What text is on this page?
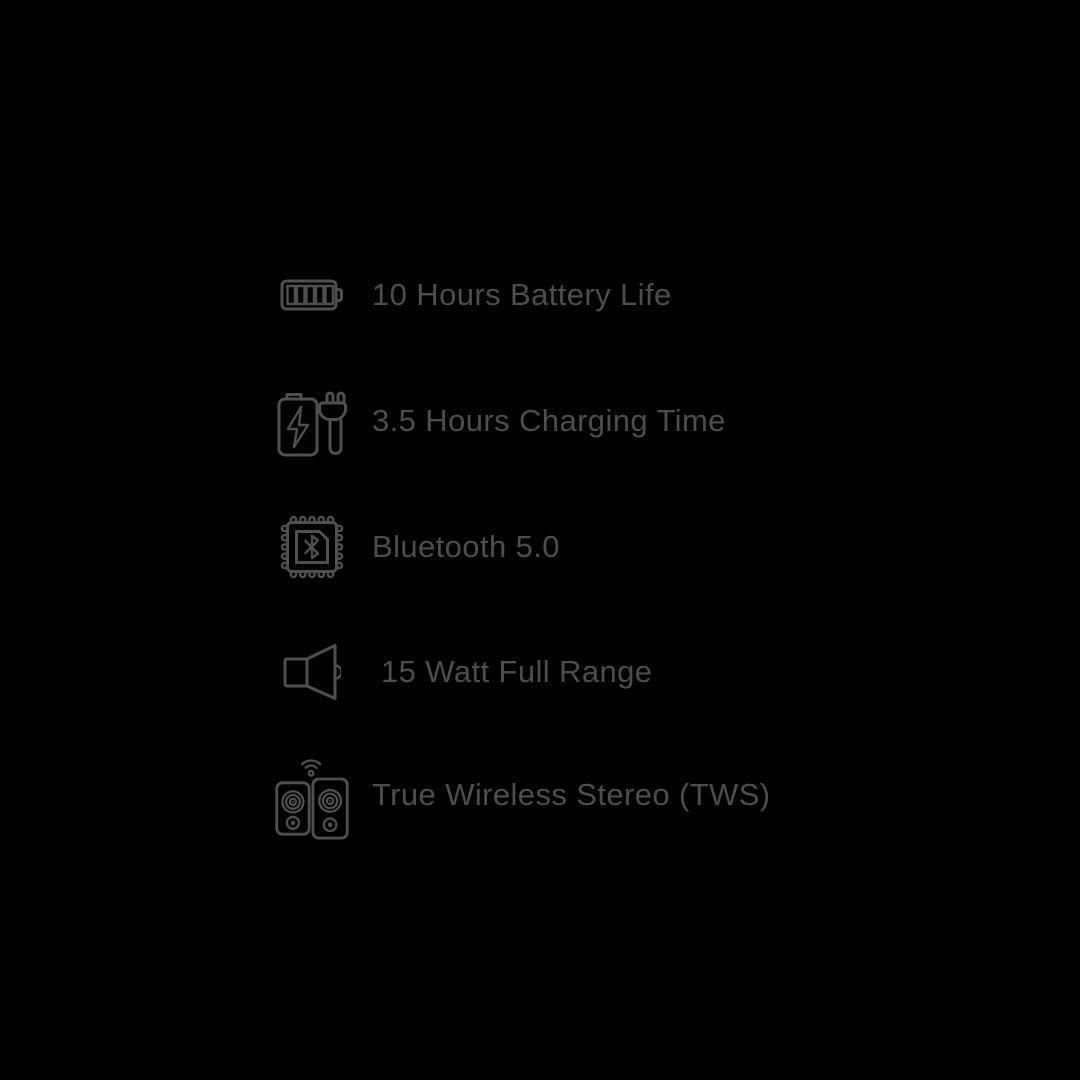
10 Hours Battery Life
3.5 Hours Charging Time
Bluetooth 5.0
15 Watt Full Range
True Wireless Stereo (TWS)
